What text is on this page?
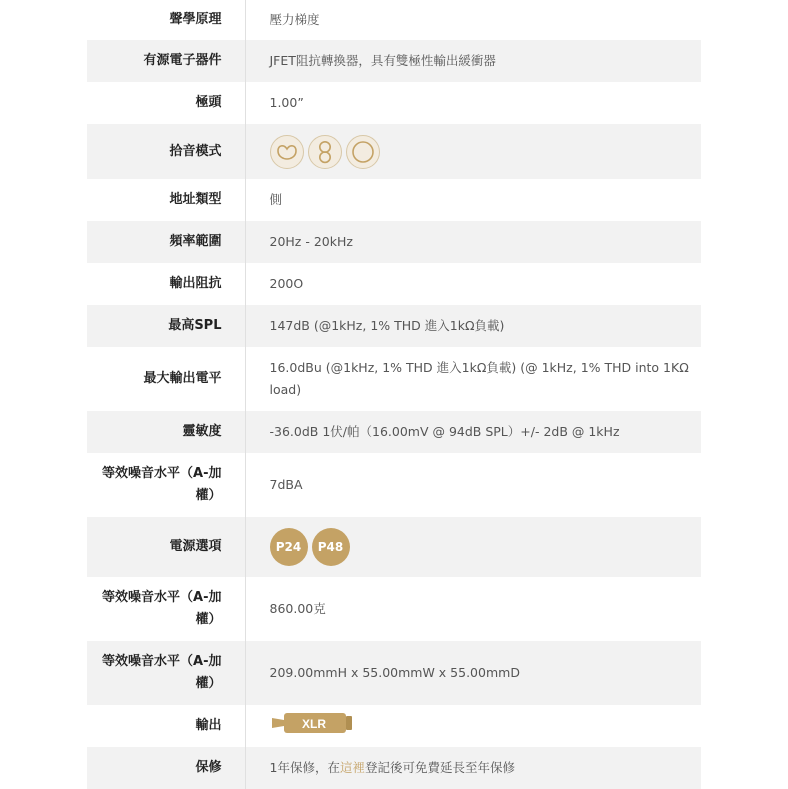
聲學原理	壓力梯度
有源電子器件	JFET阻抗轉換器，具有雙極性輸出緩衝器
極頭	1.00”
拾音模式	

地址類型	側
頻率範圍	20Hz - 20kHz
輸出阻抗	200O
最高SPL	147dB (@1kHz, 1% THD 進入1kΩ負載)
最大輸出電平	16.0dBu (@1kHz, 1% THD 進入1kΩ負載) (@ 1kHz, 1% THD into 1KΩ load)
靈敏度	-36.0dB 1伏/帕（16.00mV @ 94dB SPL）+/- 2dB @ 1kHz
等效噪音水平（A-加權）	7dBA
電源選項	P24 P48

等效噪音水平（A-加權）	860.00克
等效噪音水平（A-加權）	209.00mmH x 55.00mmW x 55.00mmD
輸出	XLR

保修	1年保修，在這裡登記後可免費延長至年保修
